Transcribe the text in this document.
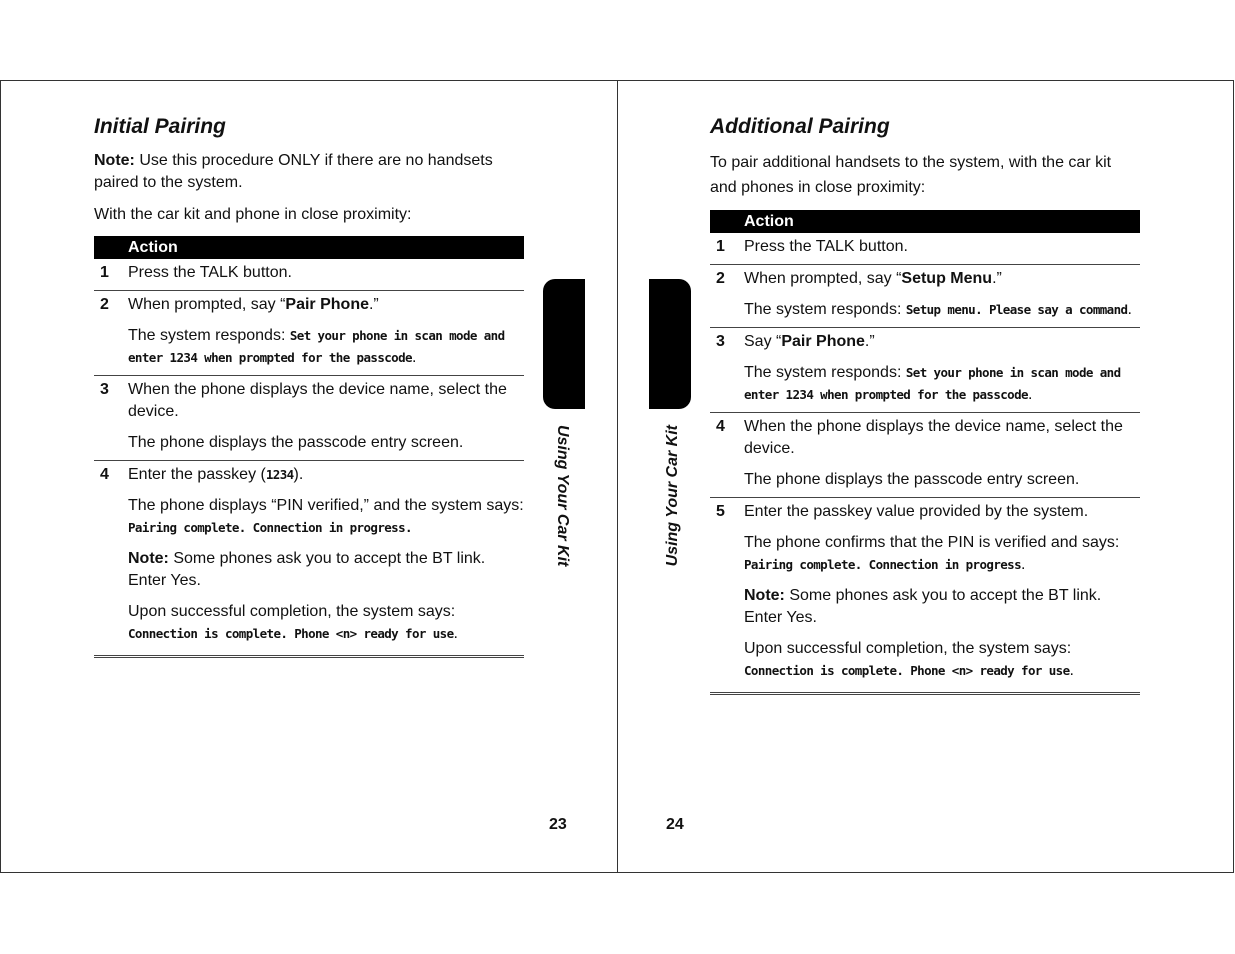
Initial Pairing

Note: Use this procedure ONLY if there are no handsets paired to the system.

With the car kit and phone in close proximity:

	Action
1	Press the TALK button.

2	When prompted, say “Pair Phone.”

The system responds: Set your phone in scan mode and enter 1234 when prompted for the passcode.

3	When the phone displays the device name, select the device.

The phone displays the passcode entry screen.

4	Enter the passkey (1234).

The phone displays “PIN verified,” and the system says: Pairing complete. Connection in progress.

Note: Some phones ask you to accept the BT link. Enter Yes.

Upon successful completion, the system says:
Connection is complete. Phone <n> ready for use.

Additional Pairing

To pair additional handsets to the system, with the car kit and phones in close proximity:

	Action
1	Press the TALK button.

2	When prompted, say “Setup Menu.”

The system responds: Setup menu. Please say a command.

3	Say “Pair Phone.”

The system responds: Set your phone in scan mode and enter 1234 when prompted for the passcode.

4	When the phone displays the device name, select the device.

The phone displays the passcode entry screen.

5	Enter the passkey value provided by the system.

The phone confirms that the PIN is verified and says: Pairing complete. Connection in progress.

Note: Some phones ask you to accept the BT link. Enter Yes.

Upon successful completion, the system says:
Connection is complete. Phone <n> ready for use.

Using Your Car Kit	Using Your Car Kit
23	24
